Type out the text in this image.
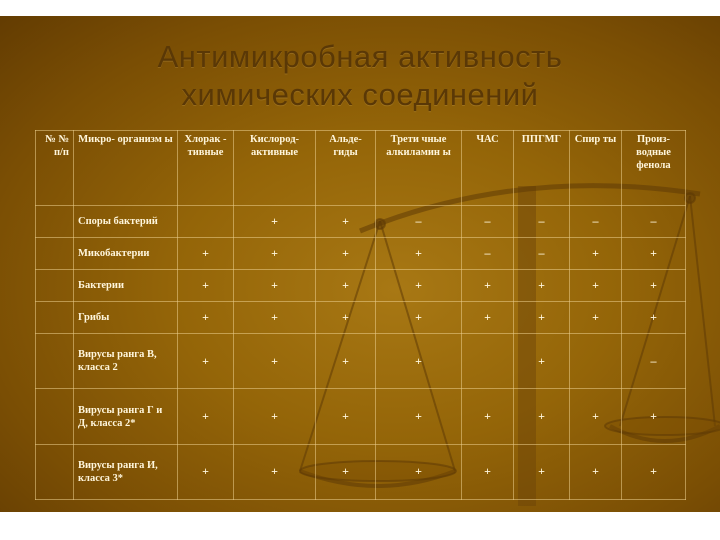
Антимикробная активность
химических соединений
№ № п/п	Микро- организм ы	Хлорак - тивные	Кислород- активные	Альде- гиды	Трети чные алкиламин ы	ЧАС	ППГМГ	Спир ты	Произ- водные фенола
	Споры бактерий		+	+	–	–	–	–	–
	Микобактерии	+	+	+	+	–	–	+	+
	Бактерии	+	+	+	+	+	+	+	+
	Грибы	+	+	+	+	+	+	+	+
	Вирусы ранга В, класса 2	+	+	+	+		+		–
	Вирусы ранга Г и Д, класса 2*	+	+	+	+	+	+	+	+
	Вирусы ранга И, класса 3*	+	+	+	+	+	+	+	+
